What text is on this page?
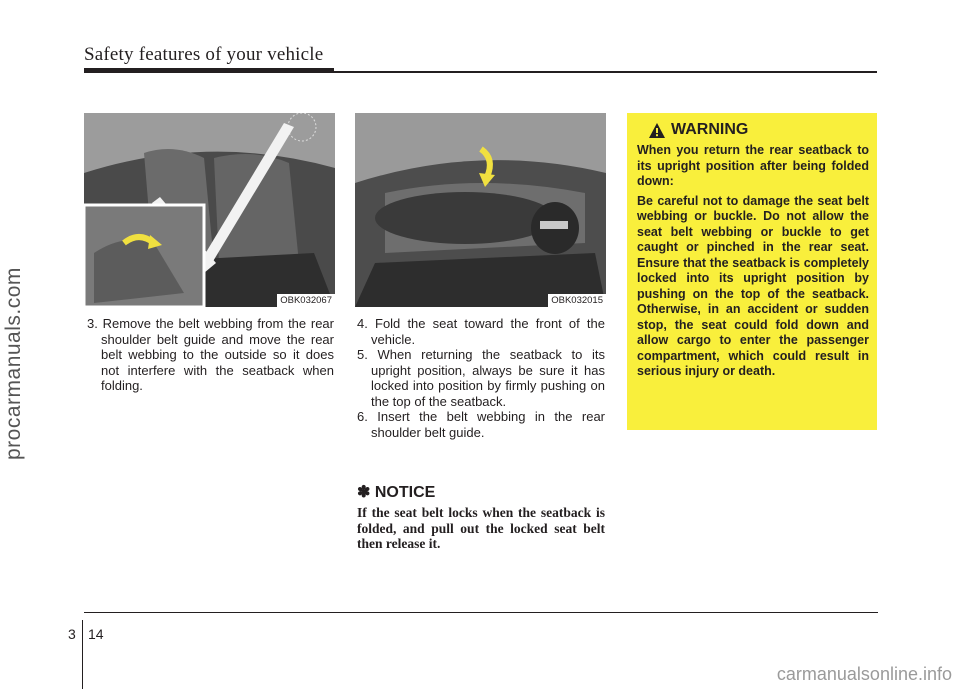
Safety features of your vehicle
procarmanuals.com	OBK032067	OBK032015
3. Remove the belt webbing from the rear shoulder belt guide and move the rear belt webbing to the outside so it does not interfere with the seatback when folding.
4. Fold the seat toward the front of the vehicle.
5. When returning the seatback to its upright position, always be sure it has locked into position by firmly pushing on the top of the seatback.
6. Insert the belt webbing in the rear shoulder belt guide.
✽ NOTICE
If the seat belt locks when the seatback is folded, and pull out the locked seat belt then release it.
WARNING

When you return the rear seatback to its upright position after being folded down:

Be careful not to damage the seat belt webbing or buckle. Do not allow the seat belt webbing or buckle to get caught or pinched in the rear seat. Ensure that the seatback is completely locked into its upright position by pushing on the top of the seatback. Otherwise, in an accident or sudden stop, the seat could fold down and allow cargo to enter the passenger compartment, which could result in serious injury or death.

3 14
carmanualsonline.info
